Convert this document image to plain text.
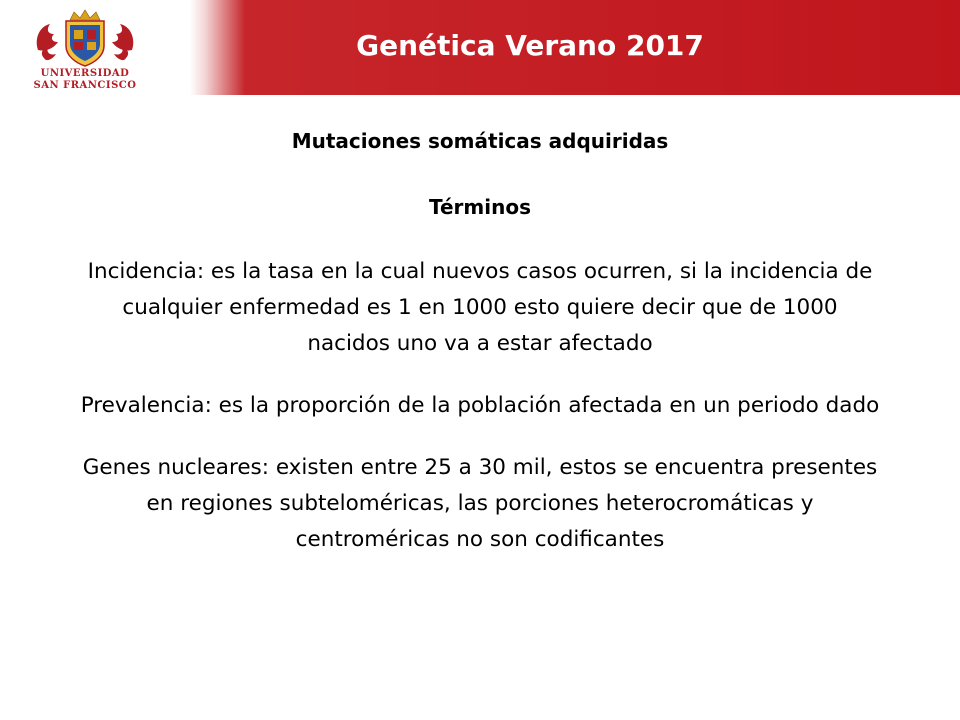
UNIVERSIDAD
SAN FRANCISCO
Genética Verano 2017
Mutaciones somáticas adquiridas
Términos
Incidencia: es la tasa en la cual nuevos casos ocurren, si la incidencia de cualquier enfermedad es 1 en 1000 esto quiere decir que de 1000 nacidos uno va a estar afectado
Prevalencia: es la proporción de la población afectada en un periodo dado
Genes nucleares: existen entre 25 a 30 mil, estos se encuentra presentes en regiones subteloméricas, las porciones heterocromáticas y centroméricas no son codificantes
